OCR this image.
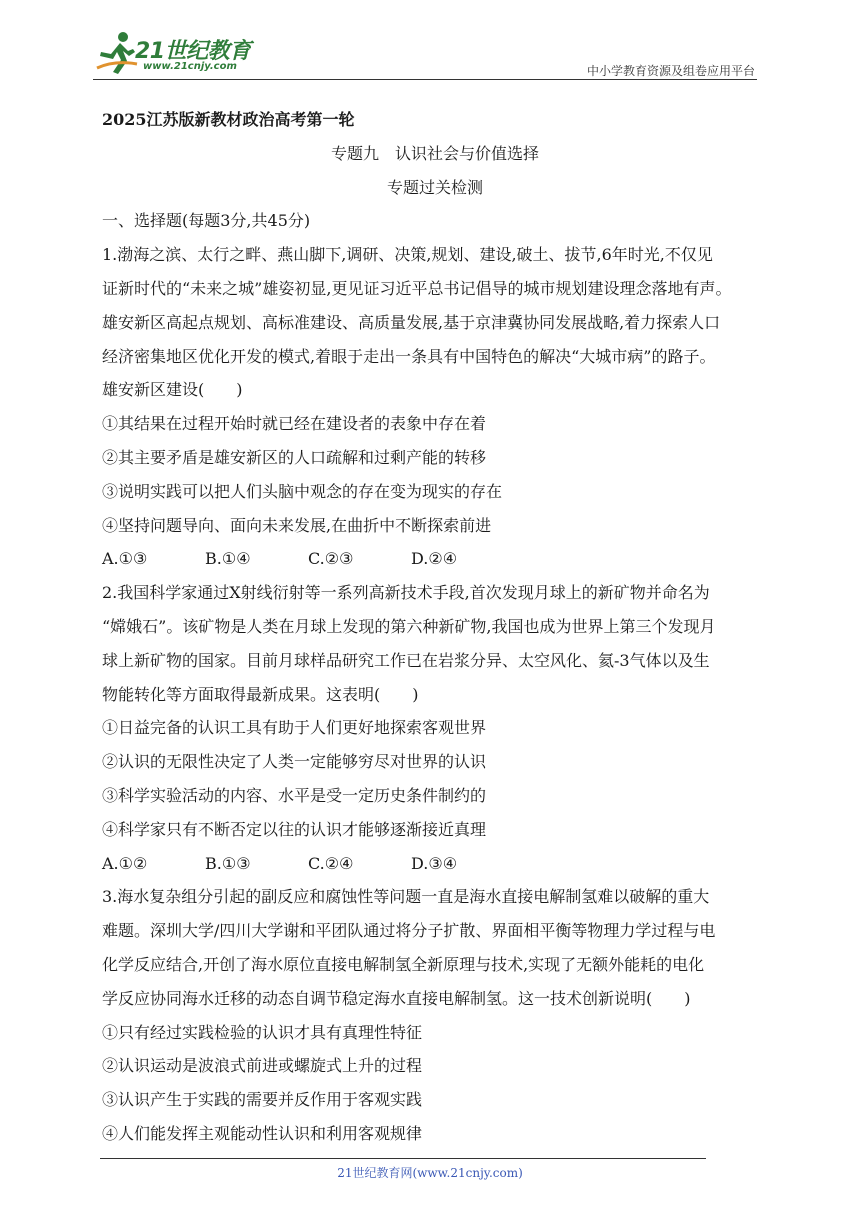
21世纪教育
www.21cnjy.com	中小学教育资源及组卷应用平台
2025江苏版新教材政治高考第一轮
专题九　认识社会与价值选择
专题过关检测
一、选择题(每题3分,共45分)
1.渤海之滨、太行之畔、燕山脚下,调研、决策,规划、建设,破土、拔节,6年时光,不仅见
证新时代的“未来之城”雄姿初显,更见证习近平总书记倡导的城市规划建设理念落地有声。
雄安新区高起点规划、高标准建设、高质量发展,基于京津冀协同发展战略,着力探索人口
经济密集地区优化开发的模式,着眼于走出一条具有中国特色的解决“大城市病”的路子。
雄安新区建设(　　)
①其结果在过程开始时就已经在建设者的表象中存在着
②其主要矛盾是雄安新区的人口疏解和过剩产能的转移
③说明实践可以把人们头脑中观念的存在变为现实的存在
④坚持问题导向、面向未来发展,在曲折中不断探索前进
A.①③	B.①④	C.②③	D.②④
2.我国科学家通过X射线衍射等一系列高新技术手段,首次发现月球上的新矿物并命名为
“嫦娥石”。该矿物是人类在月球上发现的第六种新矿物,我国也成为世界上第三个发现月
球上新矿物的国家。目前月球样品研究工作已在岩浆分异、太空风化、氦-3气体以及生
物能转化等方面取得最新成果。这表明(　　)
①日益完备的认识工具有助于人们更好地探索客观世界
②认识的无限性决定了人类一定能够穷尽对世界的认识
③科学实验活动的内容、水平是受一定历史条件制约的
④科学家只有不断否定以往的认识才能够逐渐接近真理
A.①②	B.①③	C.②④	D.③④
3.海水复杂组分引起的副反应和腐蚀性等问题一直是海水直接电解制氢难以破解的重大
难题。深圳大学/四川大学谢和平团队通过将分子扩散、界面相平衡等物理力学过程与电
化学反应结合,开创了海水原位直接电解制氢全新原理与技术,实现了无额外能耗的电化
学反应协同海水迁移的动态自调节稳定海水直接电解制氢。这一技术创新说明(　　)
①只有经过实践检验的认识才具有真理性特征
②认识运动是波浪式前进或螺旋式上升的过程
③认识产生于实践的需要并反作用于客观实践
④人们能发挥主观能动性认识和利用客观规律
21世纪教育网(www.21cnjy.com)
